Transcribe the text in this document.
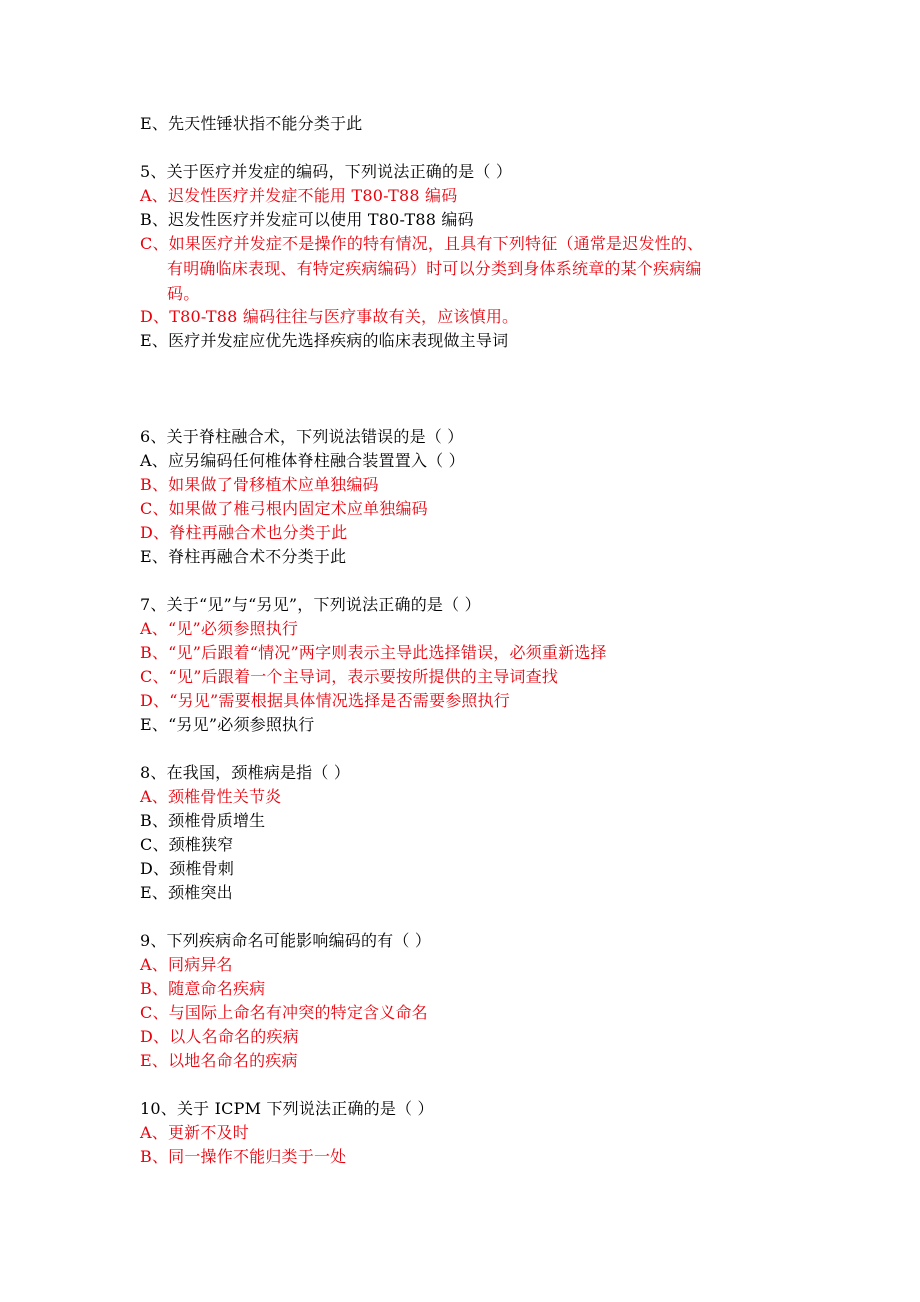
E、先天性锤状指不能分类于此
5、关于医疗并发症的编码，下列说法正确的是（ ）
A、迟发性医疗并发症不能用 T80-T88 编码
B、迟发性医疗并发症可以使用 T80-T88 编码
C、如果医疗并发症不是操作的特有情况，且具有下列特征（通常是迟发性的、
有明确临床表现、有特定疾病编码）时可以分类到身体系统章的某个疾病编
码。
D、T80-T88 编码往往与医疗事故有关，应该慎用。
E、医疗并发症应优先选择疾病的临床表现做主导词
6、关于脊柱融合术，下列说法错误的是（ ）
A、应另编码任何椎体脊柱融合装置置入（ ）
B、如果做了骨移植术应单独编码
C、如果做了椎弓根内固定术应单独编码
D、脊柱再融合术也分类于此
E、脊柱再融合术不分类于此
7、关于“见”与“另见”，下列说法正确的是（ ）
A、“见”必须参照执行
B、“见”后跟着“情况”两字则表示主导此选择错误，必须重新选择
C、“见”后跟着一个主导词，表示要按所提供的主导词查找
D、“另见”需要根据具体情况选择是否需要参照执行
E、“另见”必须参照执行
8、在我国，颈椎病是指（ ）
A、颈椎骨性关节炎
B、颈椎骨质增生
C、颈椎狭窄
D、颈椎骨刺
E、颈椎突出
9、下列疾病命名可能影响编码的有（ ）
A、同病异名
B、随意命名疾病
C、与国际上命名有冲突的特定含义命名
D、以人名命名的疾病
E、以地名命名的疾病
10、关于 ICPM 下列说法正确的是（ ）
A、更新不及时
B、同一操作不能归类于一处
